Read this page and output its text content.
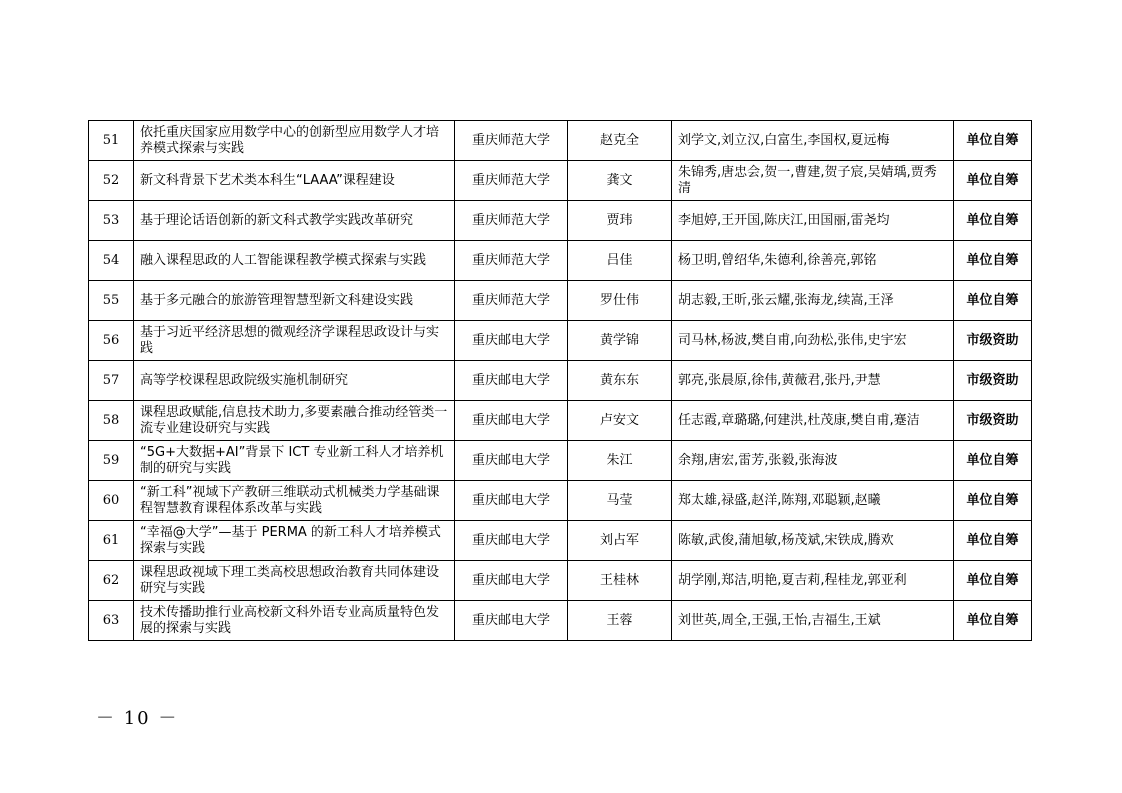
51	依托重庆国家应用数学中心的创新型应用数学人才培养模式探索与实践	重庆师范大学	赵克全	刘学文,刘立汉,白富生,李国权,夏远梅	单位自筹
52	新文科背景下艺术类本科生“LAAA”课程建设	重庆师范大学	龚文	朱锦秀,唐忠会,贺一,曹建,贺子宸,吴婧瑀,贾秀清	单位自筹
53	基于理论话语创新的新文科式教学实践改革研究	重庆师范大学	贾玮	李旭婷,王开国,陈庆江,田国丽,雷尧均	单位自筹
54	融入课程思政的人工智能课程教学模式探索与实践	重庆师范大学	吕佳	杨卫明,曾绍华,朱德利,徐善亮,郭铭	单位自筹
55	基于多元融合的旅游管理智慧型新文科建设实践	重庆师范大学	罗仕伟	胡志毅,王昕,张云耀,张海龙,续嵩,王泽	单位自筹
56	基于习近平经济思想的微观经济学课程思政设计与实践	重庆邮电大学	黄学锦	司马林,杨波,樊自甫,向劲松,张伟,史宇宏	市级资助
57	高等学校课程思政院级实施机制研究	重庆邮电大学	黄东东	郭亮,张晨原,徐伟,黄薇君,张丹,尹慧	市级资助
58	课程思政赋能,信息技术助力,多要素融合推动经管类一流专业建设研究与实践	重庆邮电大学	卢安文	任志霞,章璐璐,何建洪,杜茂康,樊自甫,蹇洁	市级资助
59	“5G+大数据+AI”背景下 ICT 专业新工科人才培养机制的研究与实践	重庆邮电大学	朱江	余翔,唐宏,雷芳,张毅,张海波	单位自筹
60	“新工科”视域下产教研三维联动式机械类力学基础课程智慧教育课程体系改革与实践	重庆邮电大学	马莹	郑太雄,禄盛,赵洋,陈翔,邓聪颖,赵曦	单位自筹
61	“幸福@大学”—基于 PERMA 的新工科人才培养模式探索与实践	重庆邮电大学	刘占军	陈敏,武俊,蒲旭敏,杨茂斌,宋铁成,腾欢	单位自筹
62	课程思政视域下理工类高校思想政治教育共同体建设研究与实践	重庆邮电大学	王桂林	胡学刚,郑洁,明艳,夏吉莉,程桂龙,郭亚利	单位自筹
63	技术传播助推行业高校新文科外语专业高质量特色发展的探索与实践	重庆邮电大学	王蓉	刘世英,周全,王强,王怡,吉福生,王斌	单位自筹
－ 10 －
